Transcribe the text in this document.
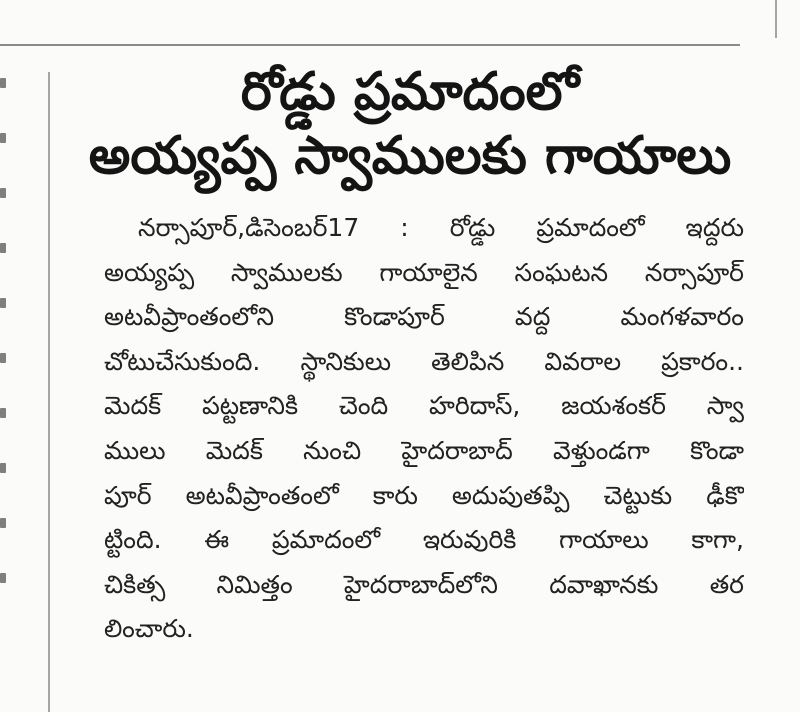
రోడ్డు ప్రమాదంలో
అయ్యప్ప స్వాములకు గాయాలు
నర్సాపూర్,డిసెంబర్17 : రోడ్డు ప్రమాదంలో ఇద్దరు
అయ్యప్ప స్వాములకు గాయాలైన సంఘటన నర్సాపూర్
అటవీప్రాంతంలోని కొండాపూర్ వద్ద మంగళవారం
చోటుచేసుకుంది. స్థానికులు తెలిపిన వివరాల ప్రకారం..
మెదక్ పట్టణానికి చెంది హరిదాస్, జయశంకర్ స్వా
ములు మెదక్ నుంచి హైదరాబాద్ వెళ్తుండగా కొండా
పూర్ అటవీప్రాంతంలో కారు అదుపుతప్పి చెట్టుకు ఢీకొ
ట్టింది. ఈ ప్రమాదంలో ఇరువురికి గాయాలు కాగా,
చికిత్స నిమిత్తం హైదరాబాద్‌లోని దవాఖానకు తర
లించారు.
